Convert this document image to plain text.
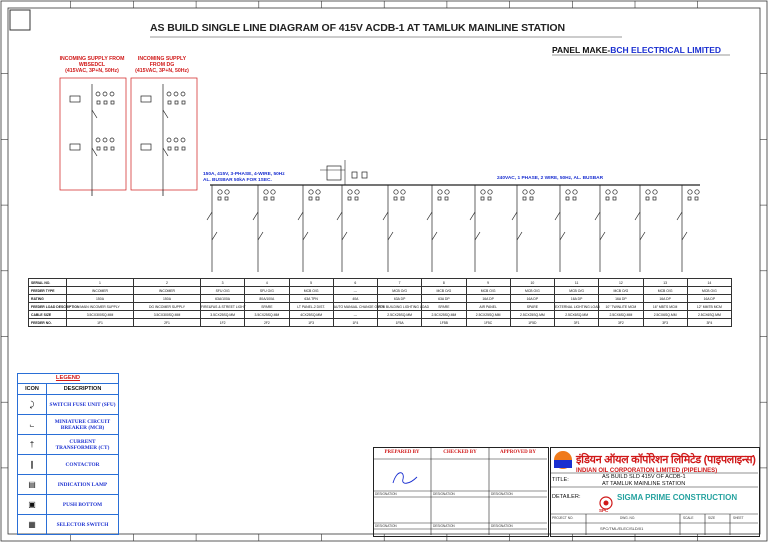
AS BUILD SINGLE LINE DIAGRAM OF 415V ACDB-1 AT TAMLUK MAINLINE STATION
PANEL MAKE-BCH ELECTRICAL LIMITED
INCOMING SUPPLY FROM
WBSEDCL
(415VAC, 3P+N, 50Hz)
INCOMING SUPPLY
FROM DG
(415VAC, 3P+N, 50Hz)
150A, 415V, 3-PHASE, 4-WIRE, 50Hz
AL. BUSBAR 50kA FOR 1SEC.	240VAC, 1 PHASE, 2 WIRE, 50Hz, AL. BUSBAR
SERIAL NO.	1	2	3	4	5	6	7	8	9	10	11	12	13	14
FEEDER TYPE	INCOMER	INCOMER	SFU O/G	SFU O/G	MCB O/G	---	MCB O/G	MCB O/G	MCB O/G	MCB O/G	MCB O/G	MCB O/G	MCB O/G	MCB O/G
RATING	150A	150A	63A/100A	80A/100A	63A TPN	40A	63A DP	63A DP	16A DP	16A DP	16A DP	16A DP	16A DP	16A DP
FEEDER LOAD DESCRIPTION	MAIN INCOMER SUPPLY	DG INCOMER SUPPLY	FIRE&FAS & STREET LIGHT	SPARE	LT PANEL-2 DIST.	AUTO MANUAL CHANGE OVER	PDB BUILDING LIGHTING LOAD	SPARE	AIR PANEL	SPARE	EXTERNAL LIGHTING LOAD	10" TWINLITE MCM	16" MBTS MCM	12" MMTB MCM
CABLE SIZE	3.5CX300SQ.MM	3.5CX300SQ.MM	3.5CX25SQ.MM	3.5CX25SQ.MM	4CX25SQ.MM	---	2.5CX25SQ.MM	2.5CX25SQ.MM	2.5CX25SQ.MM	2.5CX25SQ.MM	2.5CX6SQ.MM	2.5CX6SQ.MM	2.5CX6SQ.MM	2.5CX6SQ.MM
FEEDER NO.	1F1	2F1	1F2	2F2	1F3	1F4	1F5A	1F5B	1F5C	1F5D	3F1	3F2	3F3	3F4
LEGEND
ICON	DESCRIPTION
⤸	SWITCH FUSE UNIT (SFU)
⨽	MINIATURE CIRCUIT BREAKER (MCB)
†	CURRENT TRANSFORMER (CT)
∥	CONTACTOR
▤	INDICATION LAMP
▣	PUSH BOTTOM
▦	SELECTOR SWITCH
PREPARED BY	CHECKED BY	APPROVED BY
DESIGNATION	DESIGNATION	DESIGNATION
DESIGNATION	DESIGNATION	DESIGNATION
इंडियन ऑयल कॉर्पोरेशन लिमिटेड (पाइपलाइन्स)
INDIAN OIL CORPORATION LIMITED (PIPELINES)
TITLE:	AS BUILD SLD 415V OF ACDB-1
AT TAMLUK MAINLINE STATION
DETAILER:	SIGMA PRIME CONSTRUCTION
SPC
PROJECT NO.	DWG. NO.	SCALE	SIZE	SHEET
SPC/TML/ELEC/SLD/01
